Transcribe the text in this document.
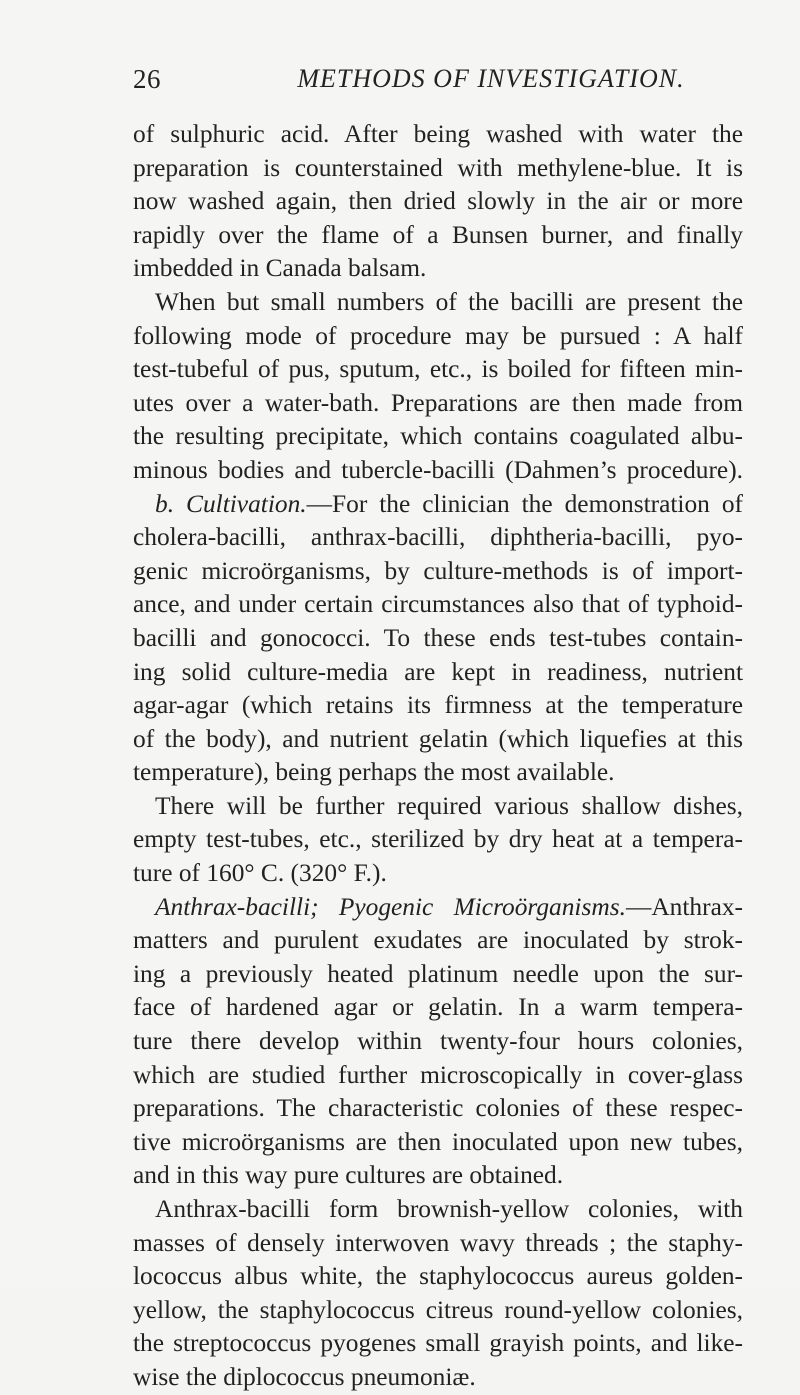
26	METHODS OF INVESTIGATION.
of sulphuric acid. After being washed with water the
preparation is counterstained with methylene-blue. It is
now washed again, then dried slowly in the air or more
rapidly over the flame of a Bunsen burner, and finally
imbedded in Canada balsam.
When but small numbers of the bacilli are present the
following mode of procedure may be pursued : A half
test-tubeful of pus, sputum, etc., is boiled for fifteen min-
utes over a water-bath. Preparations are then made from
the resulting precipitate, which contains coagulated albu-
minous bodies and tubercle-bacilli (Dahmen’s procedure).
b. Cultivation.—For the clinician the demonstration of
cholera-bacilli, anthrax-bacilli, diphtheria-bacilli, pyo-
genic microörganisms, by culture-methods is of import-
ance, and under certain circumstances also that of typhoid-
bacilli and gonococci. To these ends test-tubes contain-
ing solid culture-media are kept in readiness, nutrient
agar-agar (which retains its firmness at the temperature
of the body), and nutrient gelatin (which liquefies at this
temperature), being perhaps the most available.
There will be further required various shallow dishes,
empty test-tubes, etc., sterilized by dry heat at a tempera-
ture of 160° C. (320° F.).
Anthrax-bacilli; Pyogenic Microörganisms.—Anthrax-
matters and purulent exudates are inoculated by strok-
ing a previously heated platinum needle upon the sur-
face of hardened agar or gelatin. In a warm tempera-
ture there develop within twenty-four hours colonies,
which are studied further microscopically in cover-glass
preparations. The characteristic colonies of these respec-
tive microörganisms are then inoculated upon new tubes,
and in this way pure cultures are obtained.
Anthrax-bacilli form brownish-yellow colonies, with
masses of densely interwoven wavy threads ; the staphy-
lococcus albus white, the staphylococcus aureus golden-
yellow, the staphylococcus citreus round-yellow colonies,
the streptococcus pyogenes small grayish points, and like-
wise the diplococcus pneumoniæ.
